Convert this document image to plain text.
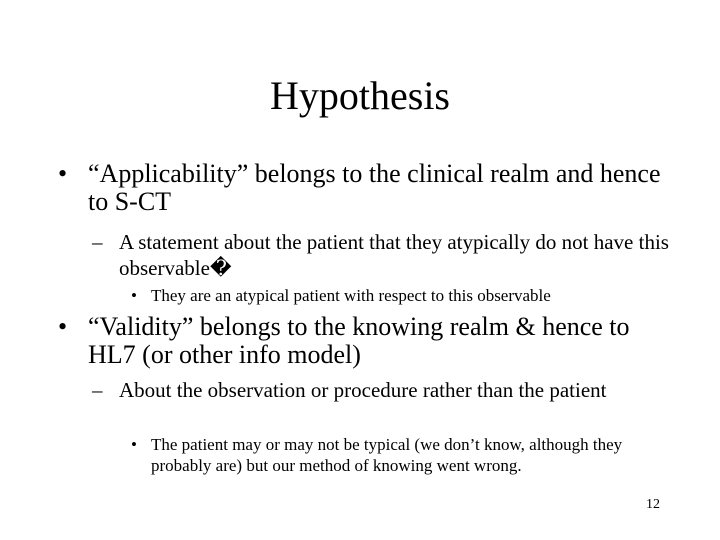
Hypothesis
• “Applicability” belongs to the clinical realm and hence to S-CT
– A statement about the patient that they atypically do not have this observable�
• They are an atypical patient with respect to this observable
• “Validity” belongs to the knowing realm & hence to HL7 (or other info model)
– About the observation or procedure rather than the patient
• The patient may or may not be typical (we don’t know, although they probably are) but our method of knowing went wrong.
12
